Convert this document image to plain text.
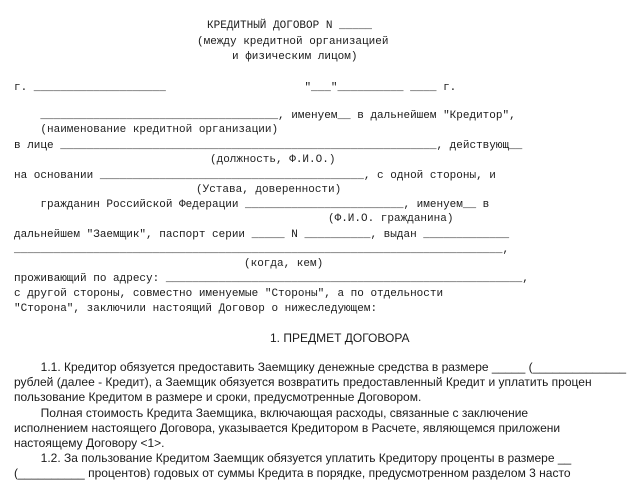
КРЕДИТНЫЙ ДОГОВОР N _____
(между кредитной организацией
и физическим лицом)
г. ____________________                     "___"__________ ____ г.
____________________________________, именуем__ в дальнейшем "Кредитор",
(наименование кредитной организации)
в лице _________________________________________________________, действующ__
(должность, Ф.И.О.)
на основании ________________________________________, с одной стороны, и
(Устава, доверенности)
гражданин Российской Федерации ________________________, именуем__ в
(Ф.И.О. гражданина)
дальнейшем "Заемщик", паспорт серии _____ N __________, выдан _____________
__________________________________________________________________________,
(когда, кем)
проживающий по адресу: ______________________________________________________,
с другой стороны, совместно именуемые "Стороны", а по отдельности
"Сторона", заключили настоящий Договор о нижеследующем:
1. ПРЕДМЕТ ДОГОВОРА
1.1. Кредитор обязуется предоставить Заемщику денежные средства в размере _____ (______________
рублей (далее - Кредит), а Заемщик обязуется возвратить предоставленный Кредит и уплатить процен
пользование Кредитом в размере и сроки, предусмотренные Договором.
Полная стоимость Кредита Заемщика, включающая расходы, связанные с заключение
исполнением настоящего Договора, указывается Кредитором в Расчете, являющемся приложени
настоящему Договору <1>.
1.2. За пользование Кредитом Заемщик обязуется уплатить Кредитору проценты в размере __
(__________ процентов) годовых от суммы Кредита в порядке, предусмотренном разделом 3 насто
